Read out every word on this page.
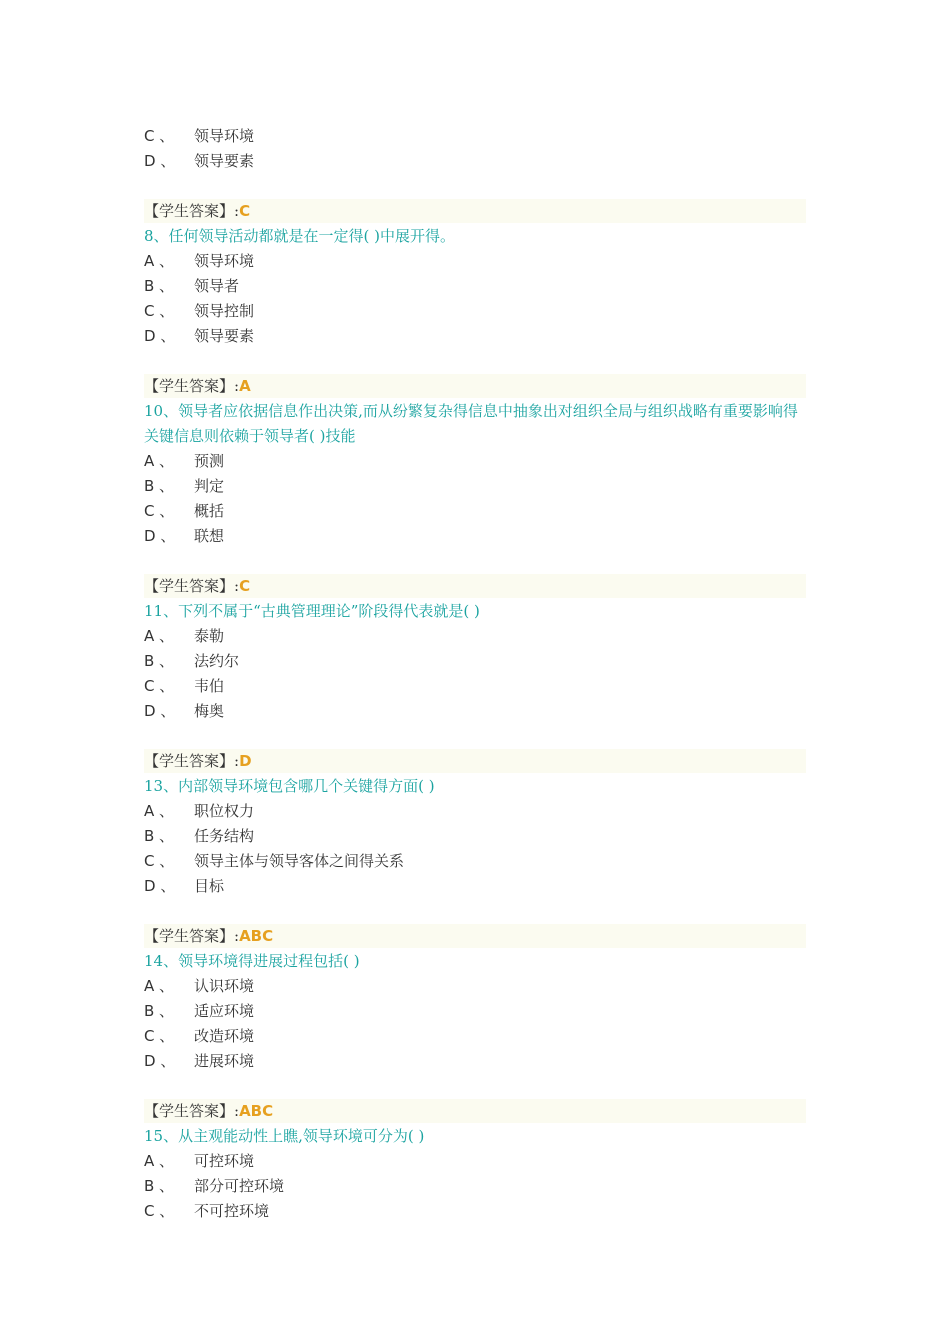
C 、 领导环境
D 、 领导要素
【学生答案】:C
8、任何领导活动都就是在一定得( )中展开得。
A 、 领导环境
B 、 领导者
C 、 领导控制
D 、 领导要素
【学生答案】:A
10、领导者应依据信息作出决策,而从纷繁复杂得信息中抽象出对组织全局与组织战略有重要影响得关键信息则依赖于领导者( )技能
A 、 预测
B 、 判定
C 、 概括
D 、 联想
【学生答案】:C
11、下列不属于“古典管理理论”阶段得代表就是( )
A 、 泰勒
B 、 法约尔
C 、 韦伯
D 、 梅奥
【学生答案】:D
13、内部领导环境包含哪几个关键得方面( )
A 、 职位权力
B 、 任务结构
C 、 领导主体与领导客体之间得关系
D 、 目标
【学生答案】:ABC
14、领导环境得进展过程包括( )
A 、 认识环境
B 、 适应环境
C 、 改造环境
D 、 进展环境
【学生答案】:ABC
15、从主观能动性上瞧,领导环境可分为( )
A 、 可控环境
B 、 部分可控环境
C 、 不可控环境
